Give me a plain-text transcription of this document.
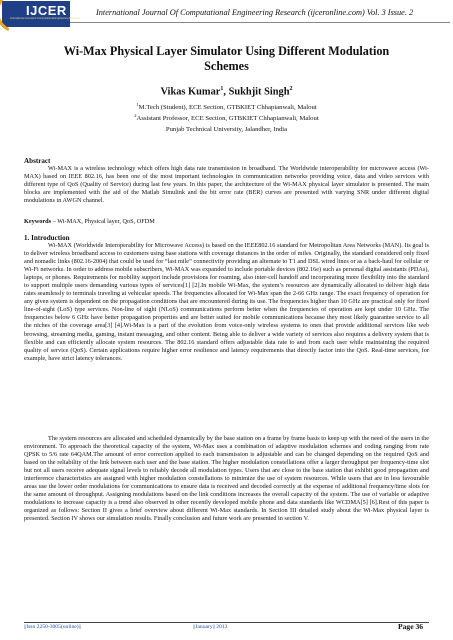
IJCER
International Journal of Computational Engineering Research
International Journal Of Computational Engineering Research (ijceronline.com) Vol. 3 Issue. 2
Wi-Max Physical Layer Simulator Using Different Modulation Schemes
Vikas Kumar$^1$, Sukhjit Singh$^2$
$^1$M.Tech (Student), ECE Section, GTBKIET Chhapianwali, Malout
$^2$Assistant Professor, ECE Section, GTBKIET Chhapianwali, Malout
Punjab Technical University, Jalandher, India
Abstract

Wi-MAX is a wireless technology which offers high data rate transmission in broadband. The Worldwide interoperability for microwave access (Wi-MAX) based on IEEE 802.16, has been one of the most important technologies in communication networks providing voice, data and video services with different type of QoS (Quality of Service) during last few years. In this paper, the architecture of the Wi-MAX physical layer simulator is presented. The main blocks are implemented with the aid of the Matlab Simulink and the bit error rate (BER) curves are presented with varying SNR under different digital modulations in AWGN channel.

Keywords – Wi-MAX, Physical layer, QoS, OFDM
1. Introduction

Wi-MAX (Worldwide Interoperability for Microwave Access) is based on the IEEE802.16 standard for Metropolitan Area Networks (MAN). Its goal is to deliver wireless broadband access to customers using base stations with coverage distances in the order of miles. Originally, the standard considered only fixed and nomadic links (802.16-2004) that could be used for “last mile” connectivity providing an alternate to T1 and DSL wired lines or as a back-haul for cellular or Wi-Fi networks. In order to address mobile subscribers, Wi-MAX was expanded to include portable devices (802.16e) such as personal digital assistants (PDAs), laptops, or phones. Requirements for mobility support include provisions for roaming, also inter-cell handoff and incorporating more flexibility into the standard to support multiple users demanding various types of services[1] [2].In mobile Wi-Max, the system’s resources are dynamically allocated to deliver high data rates seamlessly to terminals traveling at vehicular speeds. The frequencies allocated for Wi-Max span the 2-66 GHz range. The exact frequency of operation for any given system is dependent on the propagation conditions that are encountered during its use. The frequencies higher than 10 GHz are practical only for fixed line-of-sight (LoS) type services. Non-line of sight (NLoS) communications perform better when the frequencies of operation are kept under 10 GHz. The frequencies below 6 GHz have better propagation properties and are better suited for mobile communications because they most likely guarantee service to all the niches of the coverage area[3] [4].Wi-Max is a part of the evolution from voice-only wireless systems to ones that provide additional services like web browsing, streaming media, gaming, instant messaging, and other content. Being able to deliver a wide variety of services also requires a delivery system that is flexible and can efficiently allocate system resources. The 802.16 standard offers adjustable data rate to and from each user while maintaining the required quality of service (QoS). Certain applications require higher error resilience and latency requirements that directly factor into the QoS. Real-time services, for example, have strict latency tolerances.

The system resources are allocated and scheduled dynamically by the base station on a frame by frame basis to keep up with the need of the users in the environment. To approach the theoretical capacity of the system, Wi-Max uses a combination of adaptive modulation schemes and coding ranging from rate QPSK to 5/6 rate 64QAM.The amount of error correction applied to each transmission is adjustable and can be changed depending on the required QoS and based on the reliability of the link between each user and the base station. The higher modulation constellations offer a larger throughput per frequency-time slot but not all users receive adequate signal levels to reliably decode all modulation types. Users that are close to the base station that exhibit good propagation and interference characteristics are assigned with higher modulation constellations to minimize the use of system resources. While users that are in less favourable areas use the lower order modulations for communications to ensure data is received and decoded correctly at the expense of additional frequency/time slots for the same amount of throughput. Assigning modulations based on the link conditions increases the overall capacity of the system. The use of variable or adaptive modulations to increase capacity is a trend also observed in other recently developed mobile phone and data standards like WCDMA[5] [6].Rest of this paper is organized as follows: Section II gives a brief overview about different Wi-Max standards. In Section III detailed study about the Wi-Max physical layer is presented. Section IV shows our simulation results. Finally conclusion and future work are presented in section V.

||Issn 2250-3005(online)||	||January|| 2013	Page 36
